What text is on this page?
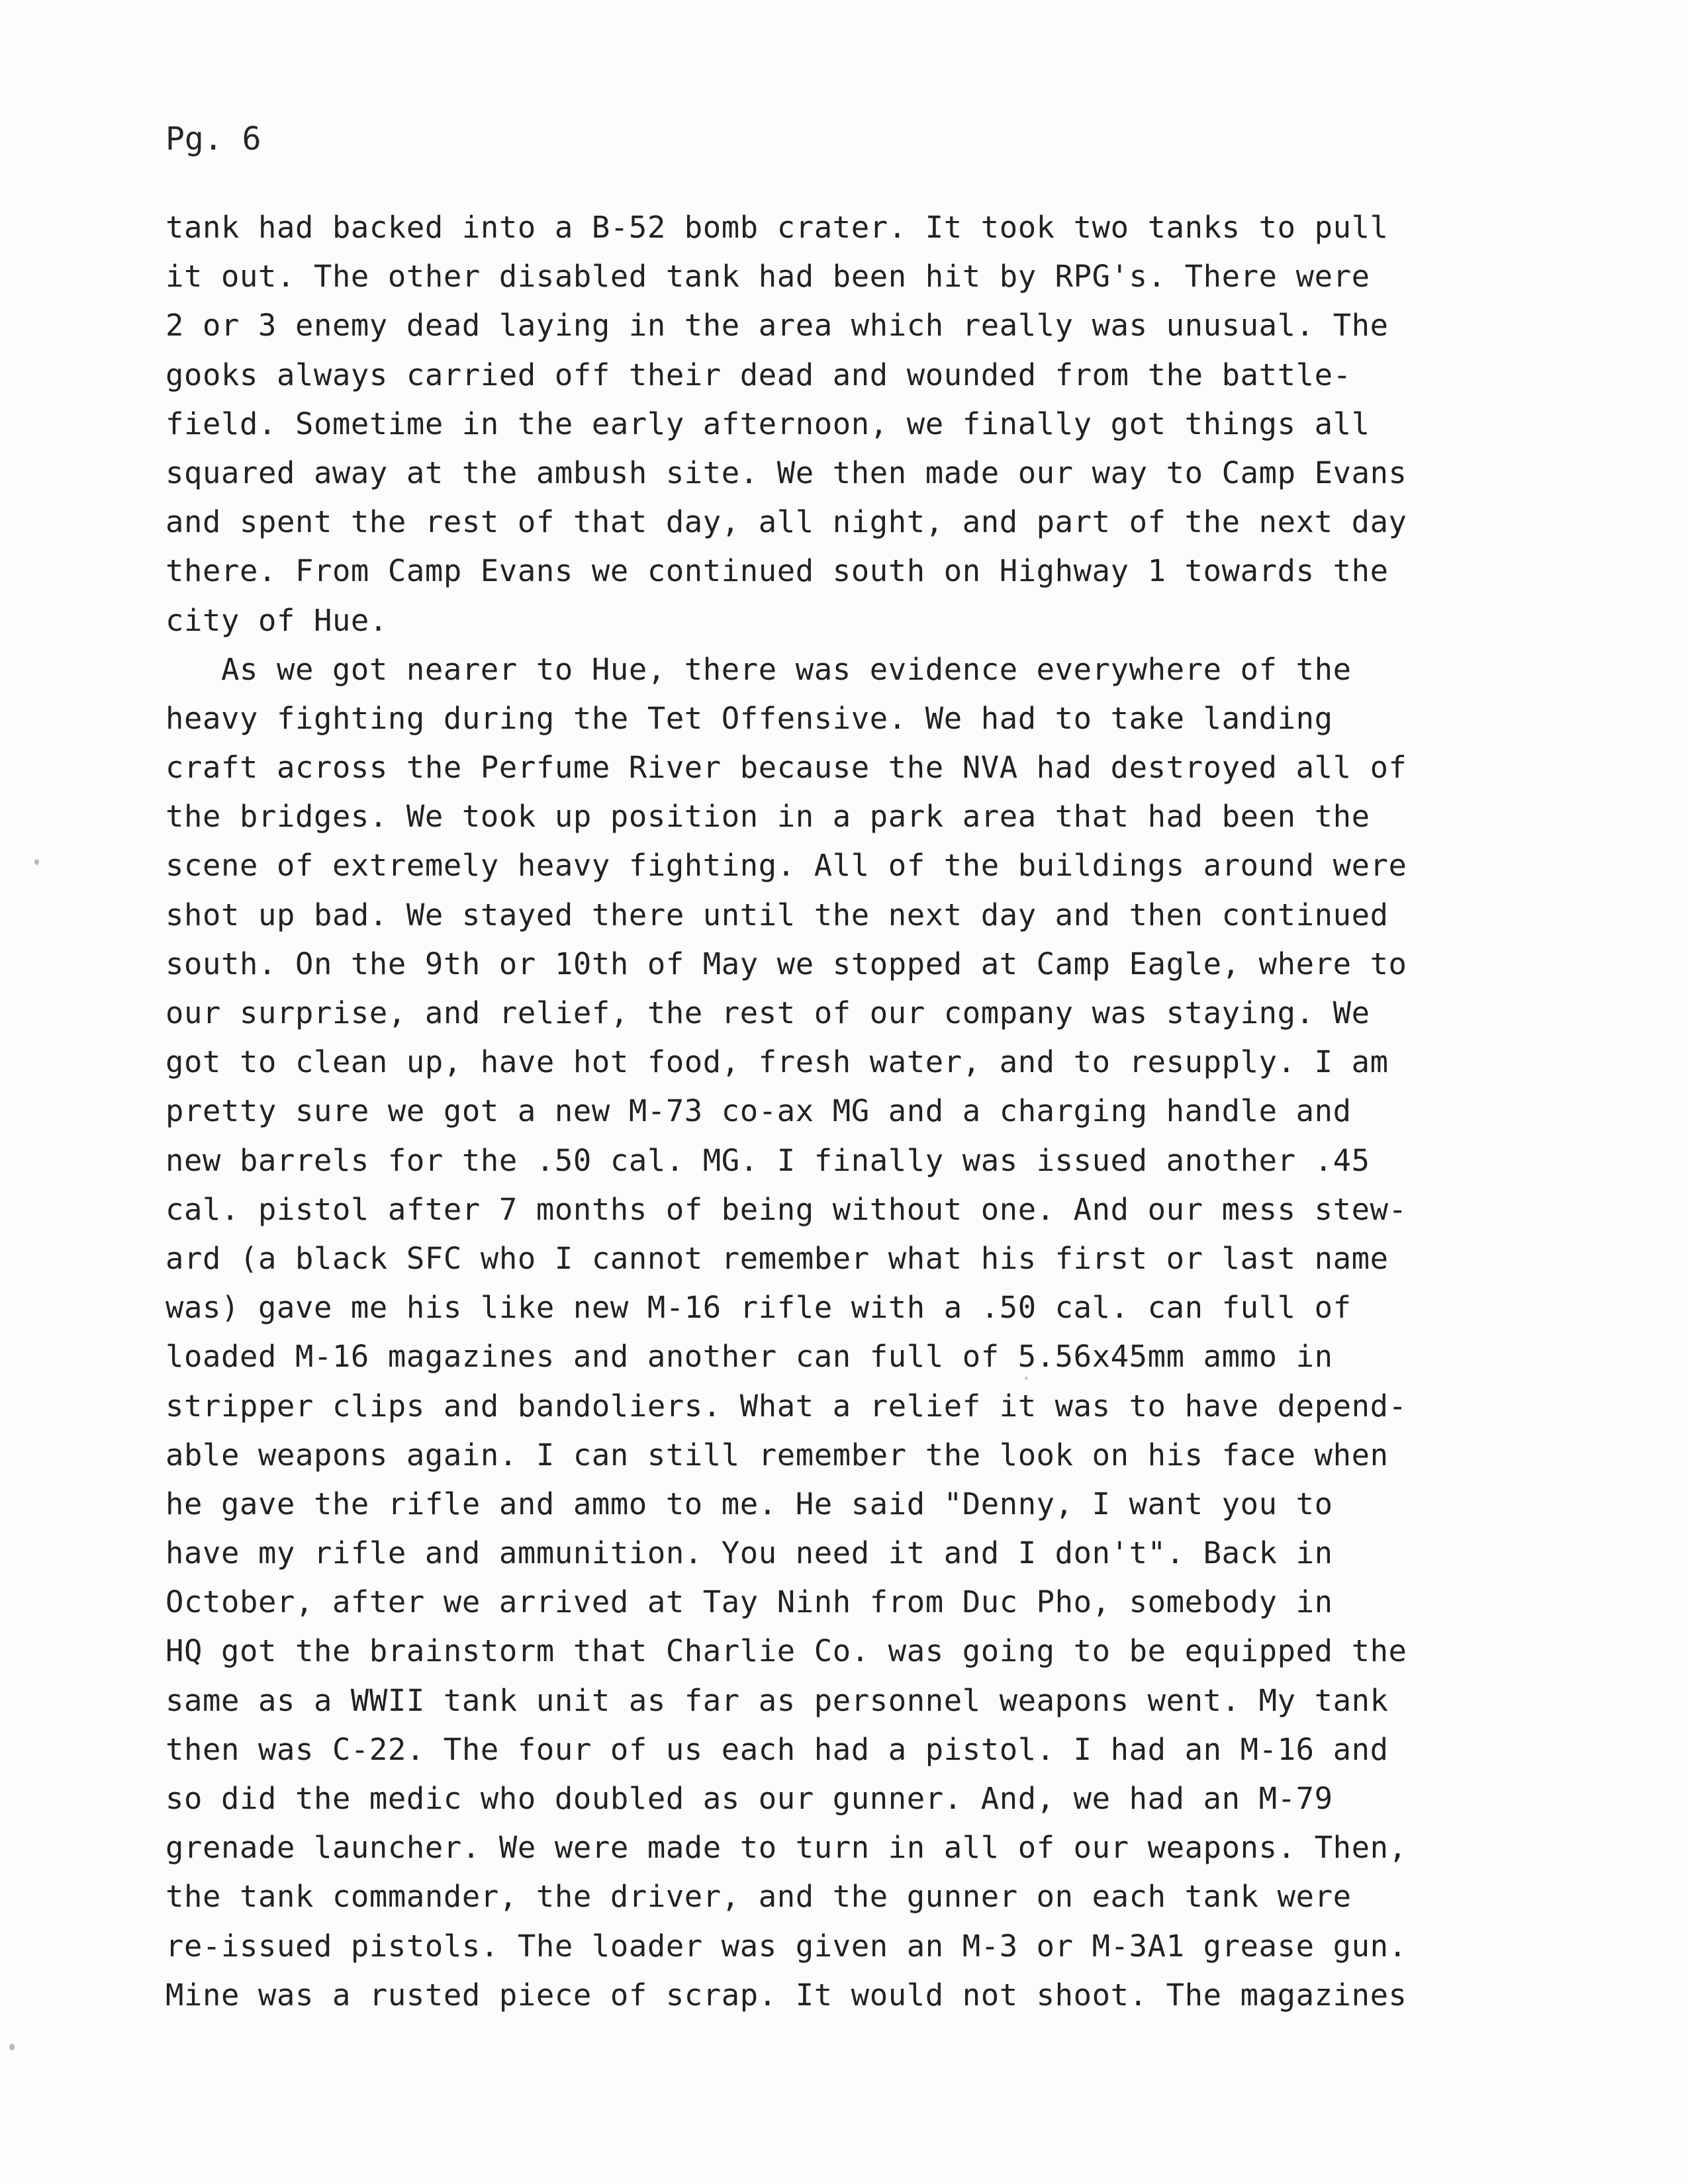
Pg. 6
tank had backed into a B-52 bomb crater. It took two tanks to pull
it out. The other disabled tank had been hit by RPG's. There were
2 or 3 enemy dead laying in the area which really was unusual. The
gooks always carried off their dead and wounded from the battle-
field. Sometime in the early afternoon, we finally got things all
squared away at the ambush site. We then made our way to Camp Evans
and spent the rest of that day, all night, and part of the next day
there. From Camp Evans we continued south on Highway 1 towards the
city of Hue.
As we got nearer to Hue, there was evidence everywhere of the
heavy fighting during the Tet Offensive. We had to take landing
craft across the Perfume River because the NVA had destroyed all of
the bridges. We took up position in a park area that had been the
scene of extremely heavy fighting. All of the buildings around were
shot up bad. We stayed there until the next day and then continued
south. On the 9th or 10th of May we stopped at Camp Eagle, where to
our surprise, and relief, the rest of our company was staying. We
got to clean up, have hot food, fresh water, and to resupply. I am
pretty sure we got a new M-73 co-ax MG and a charging handle and
new barrels for the .50 cal. MG. I finally was issued another .45
cal. pistol after 7 months of being without one. And our mess stew-
ard (a black SFC who I cannot remember what his first or last name
was) gave me his like new M-16 rifle with a .50 cal. can full of
loaded M-16 magazines and another can full of 5.56x45mm ammo in
stripper clips and bandoliers. What a relief it was to have depend-
able weapons again. I can still remember the look on his face when
he gave the rifle and ammo to me. He said "Denny, I want you to
have my rifle and ammunition. You need it and I don't". Back in
October, after we arrived at Tay Ninh from Duc Pho, somebody in
HQ got the brainstorm that Charlie Co. was going to be equipped the
same as a WWII tank unit as far as personnel weapons went. My tank
then was C-22. The four of us each had a pistol. I had an M-16 and
so did the medic who doubled as our gunner. And, we had an M-79
grenade launcher. We were made to turn in all of our weapons. Then,
the tank commander, the driver, and the gunner on each tank were
re-issued pistols. The loader was given an M-3 or M-3A1 grease gun.
Mine was a rusted piece of scrap. It would not shoot. The magazines
